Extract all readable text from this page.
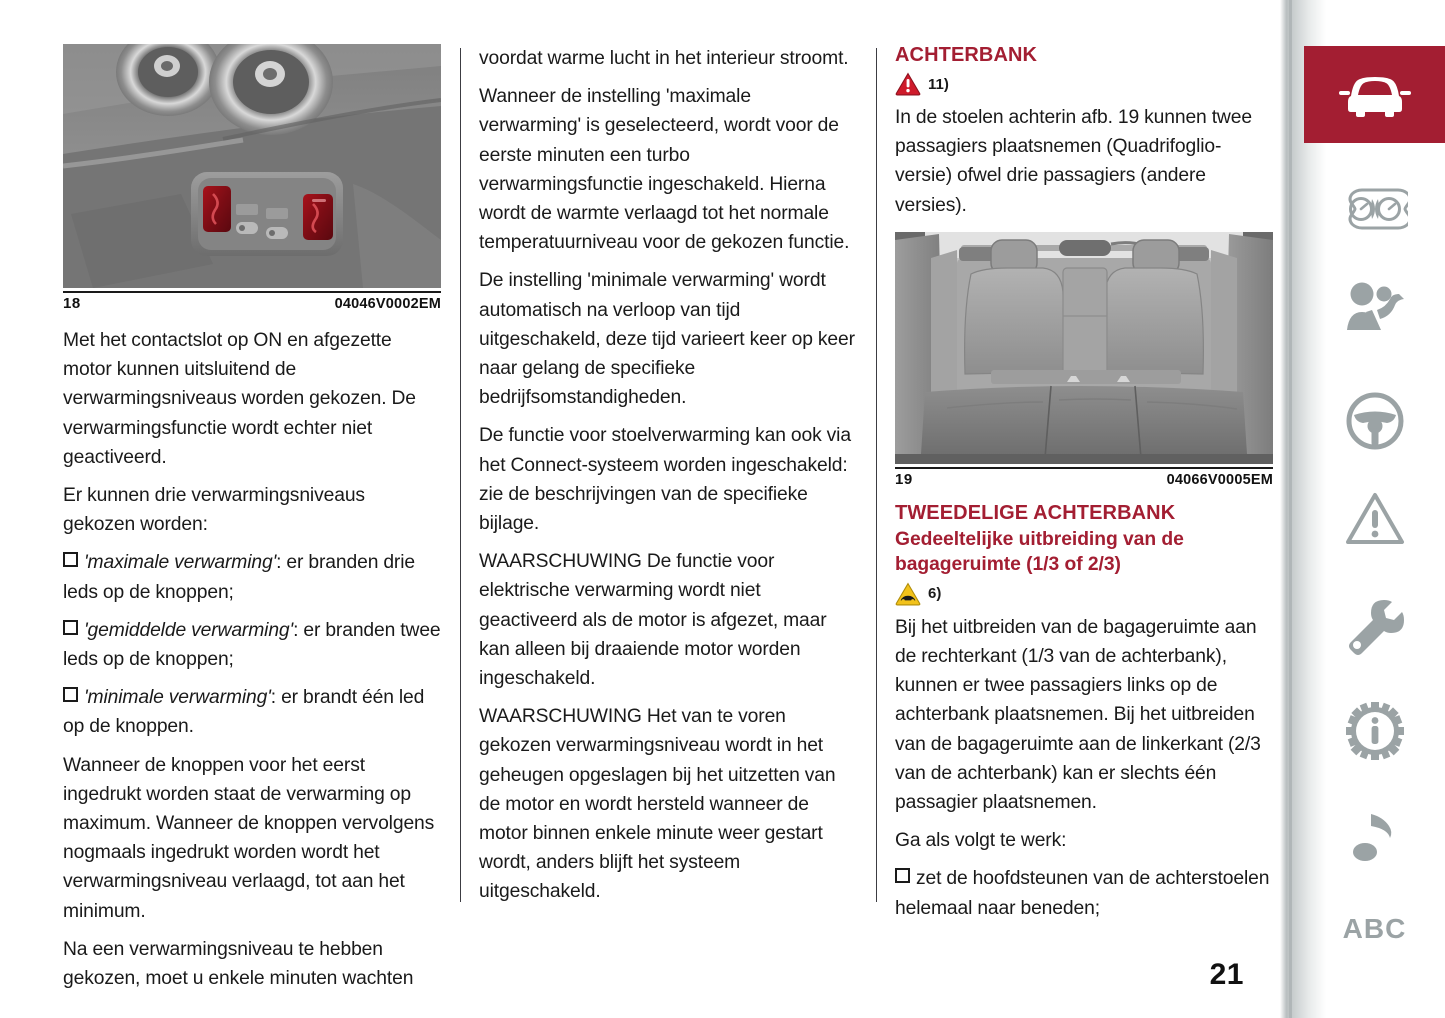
18	04046V0002EM

Met het contactslot op ON en afgezette motor kunnen uitsluitend de verwarmingsniveaus worden gekozen. De verwarmingsfunctie wordt echter niet geactiveerd.

Er kunnen drie verwarmingsniveaus gekozen worden:

'maximale verwarming': er branden drie leds op de knoppen;

'gemiddelde verwarming': er branden twee leds op de knoppen;

'minimale verwarming': er brandt één led op de knoppen.

Wanneer de knoppen voor het eerst ingedrukt worden staat de verwarming op maximum. Wanneer de knoppen vervolgens nogmaals ingedrukt worden wordt het verwarmingsniveau verlaagd, tot aan het minimum.

Na een verwarmingsniveau te hebben gekozen, moet u enkele minuten wachten

voordat warme lucht in het interieur stroomt.

Wanneer de instelling 'maximale verwarming' is geselecteerd, wordt voor de eerste minuten een turbo verwarmingsfunctie ingeschakeld. Hierna wordt de warmte verlaagd tot het normale temperatuurniveau voor de gekozen functie.

De instelling 'minimale verwarming' wordt automatisch na verloop van tijd uitgeschakeld, deze tijd varieert keer op keer naar gelang de specifieke bedrijfsomstandigheden.

De functie voor stoelverwarming kan ook via het Connect-systeem worden ingeschakeld: zie de beschrijvingen van de specifieke bijlage.

WAARSCHUWING De functie voor elektrische verwarming wordt niet geactiveerd als de motor is afgezet, maar kan alleen bij draaiende motor worden ingeschakeld.

WAARSCHUWING Het van te voren gekozen verwarmingsniveau wordt in het geheugen opgeslagen bij het uitzetten van de motor en wordt hersteld wanneer de motor binnen enkele minute weer gestart wordt, anders blijft het systeem uitgeschakeld.

ACHTERBANK
11)

In de stoelen achterin afb. 19 kunnen twee passagiers plaatsnemen (Quadrifoglio-versie) ofwel drie passagiers (andere versies).

19	04066V0005EM
TWEEDELIGE ACHTERBANK
Gedeeltelijke uitbreiding van de bagageruimte (1/3 of 2/3)
6)

Bij het uitbreiden van de bagageruimte aan de rechterkant (1/3 van de achterbank), kunnen er twee passagiers links op de achterbank plaatsnemen. Bij het uitbreiden van de bagageruimte aan de linkerkant (2/3 van de achterbank) kan er slechts één passagier plaatsnemen.

Ga als volgt te werk:

zet de hoofdsteunen van de achterstoelen helemaal naar beneden;

21
ABC
